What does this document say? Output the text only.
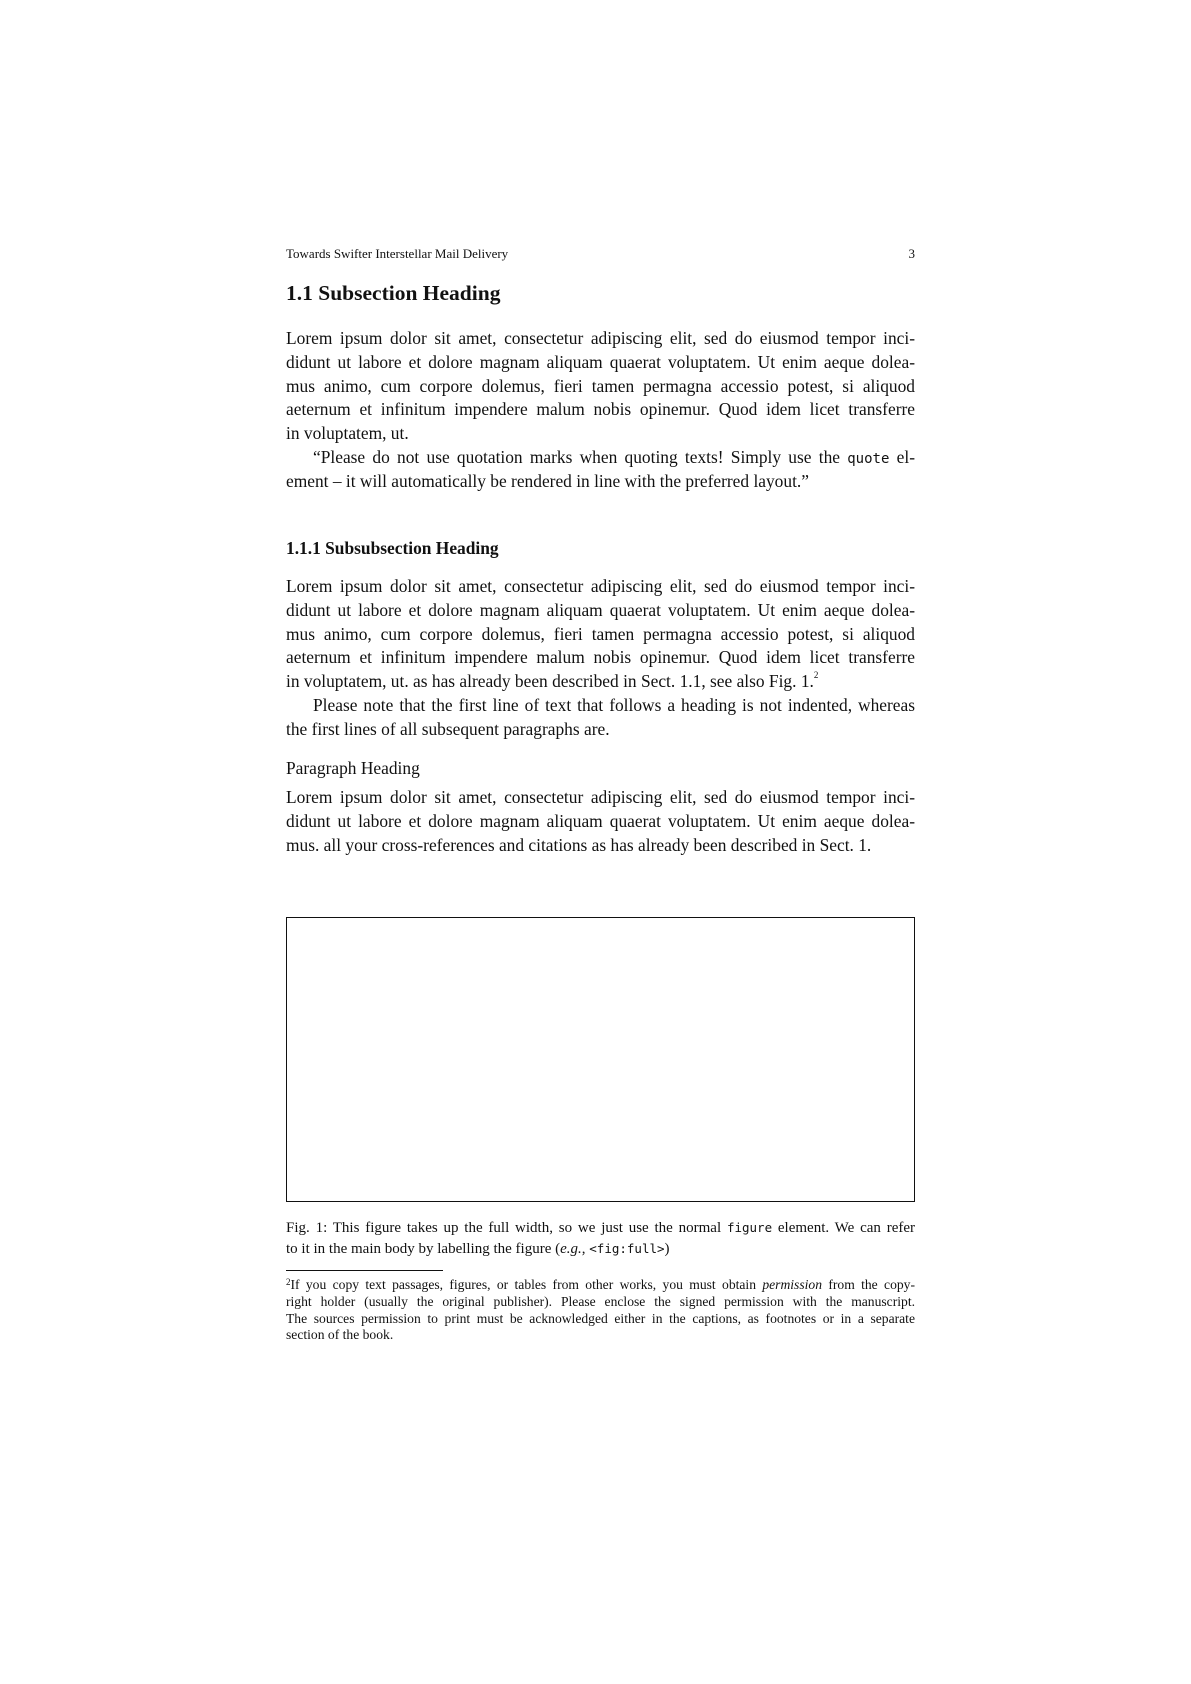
Towards Swifter Interstellar Mail Delivery	3
1.1 Subsection Heading
Lorem ipsum dolor sit amet, consectetur adipiscing elit, sed do eiusmod tempor inci-
didunt ut labore et dolore magnam aliquam quaerat voluptatem. Ut enim aeque dolea-
mus animo, cum corpore dolemus, fieri tamen permagna accessio potest, si aliquod
aeternum et infinitum impendere malum nobis opinemur. Quod idem licet transferre
in voluptatem, ut.
“Please do not use quotation marks when quoting texts! Simply use the quote el-
ement – it will automatically be rendered in line with the preferred layout.”
1.1.1 Subsubsection Heading
Lorem ipsum dolor sit amet, consectetur adipiscing elit, sed do eiusmod tempor inci-
didunt ut labore et dolore magnam aliquam quaerat voluptatem. Ut enim aeque dolea-
mus animo, cum corpore dolemus, fieri tamen permagna accessio potest, si aliquod
aeternum et infinitum impendere malum nobis opinemur. Quod idem licet transferre
in voluptatem, ut. as has already been described in Sect. 1.1, see also Fig. 1.$^2$
Please note that the first line of text that follows a heading is not indented, whereas
the first lines of all subsequent paragraphs are.
Paragraph Heading
Lorem ipsum dolor sit amet, consectetur adipiscing elit, sed do eiusmod tempor inci-
didunt ut labore et dolore magnam aliquam quaerat voluptatem. Ut enim aeque dolea-
mus. all your cross-references and citations as has already been described in Sect. 1.
Fig. 1: This figure takes up the full width, so we just use the normal figure element. We can refer
to it in the main body by labelling the figure (e.g., <fig:full>)
$^2$If you copy text passages, figures, or tables from other works, you must obtain permission from the copy-
right holder (usually the original publisher). Please enclose the signed permission with the manuscript.
The sources permission to print must be acknowledged either in the captions, as footnotes or in a separate
section of the book.
